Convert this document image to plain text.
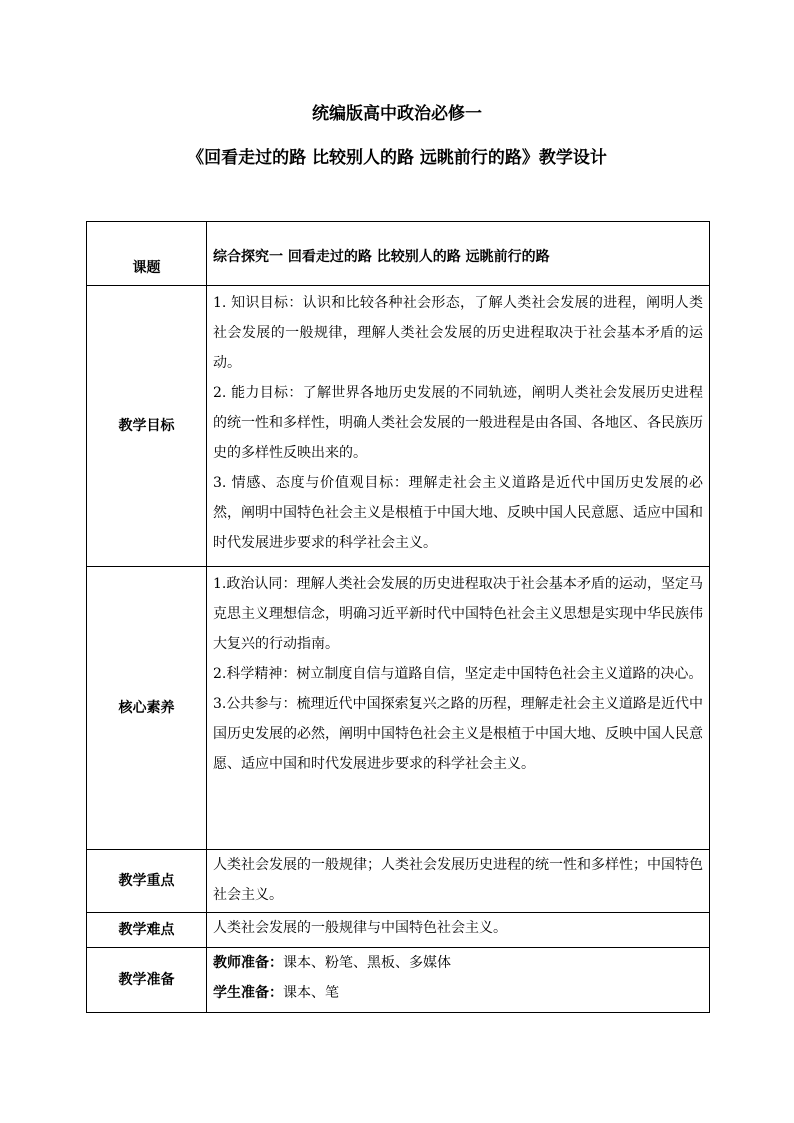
统编版高中政治必修一
《回看走过的路 比较别人的路 远眺前行的路》教学设计
课题	综合探究一 回看走过的路 比较别人的路 远眺前行的路
教学目标	1. 知识目标：认识和比较各种社会形态，了解人类社会发展的进程，阐明人类社会发展的一般规律，理解人类社会发展的历史进程取决于社会基本矛盾的运动。

2. 能力目标：了解世界各地历史发展的不同轨迹，阐明人类社会发展历史进程的统一性和多样性，明确人类社会发展的一般进程是由各国、各地区、各民族历史的多样性反映出来的。

3. 情感、态度与价值观目标：理解走社会主义道路是近代中国历史发展的必然，阐明中国特色社会主义是根植于中国大地、反映中国人民意愿、适应中国和时代发展进步要求的科学社会主义。

核心素养	1.政治认同：理解人类社会发展的历史进程取决于社会基本矛盾的运动，坚定马克思主义理想信念，明确习近平新时代中国特色社会主义思想是实现中华民族伟大复兴的行动指南。

2.科学精神：树立制度自信与道路自信，坚定走中国特色社会主义道路的决心。

3.公共参与：梳理近代中国探索复兴之路的历程，理解走社会主义道路是近代中国历史发展的必然，阐明中国特色社会主义是根植于中国大地、反映中国人民意愿、适应中国和时代发展进步要求的科学社会主义。

教学重点	人类社会发展的一般规律；人类社会发展历史进程的统一性和多样性；中国特色社会主义。
教学难点	人类社会发展的一般规律与中国特色社会主义。
教学准备	教师准备：课本、粉笔、黑板、多媒体

学生准备：课本、笔
